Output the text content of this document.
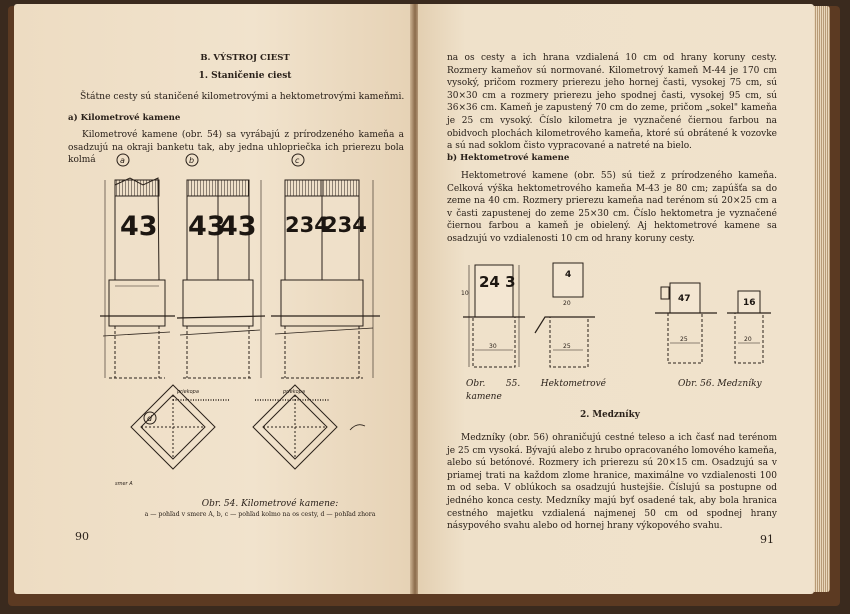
B. VÝSTROJ CIEST
1. Staničenie ciest
Štátne cesty sú staničené kilometrovými a hektometrovými kameňmi.
a) Kilometrové kamene
Kilometrové kamene (obr. 54) sa vyrábajú z prírodzeného kameňa a osadzujú na okraji banketu tak, aby jedna uhlopriečka ich prierezu bola kolmá	a	b	c
d
43 43
43 234
234
priekopa	priekopa
smer A
Obr. 54. Kilometrové kamene:
a — pohľad v smere A, b, c — pohľad kolmo na os cesty, d — pohľad zhora
90
na os cesty a ich hrana vzdialená 10 cm od hrany koruny cesty. Rozmery kameňov sú normované. Kilometrový kameň M-44 je 170 cm vysoký, pričom rozmery prierezu jeho hornej časti, vysokej 75 cm, sú 30×30 cm a rozmery prierezu jeho spodnej časti, vysokej 95 cm, sú 36×36 cm. Kameň je zapustený 70 cm do zeme, pričom „sokel" kameňa je 25 cm vysoký. Číslo kilometra je vyznačené čiernou farbou na obidvoch plochách kilometrového kameňa, ktoré sú obrátené k vozovke a sú nad soklom čisto vypracované a natreté na bielo.
b) Hektometrové kamene
Hektometrové kamene (obr. 55) sú tiež z prírodzeného kameňa. Celková výška hektometrového kameňa M-43 je 80 cm; zapúšťa sa do zeme na 40 cm. Rozmery prierezu kameňa nad terénom sú 20×25 cm a v časti zapustenej do zeme 25×30 cm. Číslo hektometra je vyznačené čiernou farbou a kameň je obielený. Aj hektometrové kamene sa osadzujú vo vzdialenosti 10 cm od hrany koruny cesty.
24 3	4
47	16
30	25
20
25	20
10
Obr. 55. Hektometrové kamene
Obr. 56. Medzníky
2. Medzníky
Medzníky (obr. 56) ohraničujú cestné teleso a ich časť nad terénom je 25 cm vysoká. Bývajú alebo z hrubo opracovaného lomového kameňa, alebo sú betónové. Rozmery ich prierezu sú 20×15 cm. Osadzujú sa v priamej trati na každom zlome hranice, maximálne vo vzdialenosti 100 m od seba. V oblúkoch sa osadzujú hustejšie. Číslujú sa postupne od jedného konca cesty. Medzníky majú byť osadené tak, aby bola hranica cestného majetku vzdialená najmenej 50 cm od spodnej hrany násypového svahu alebo od hornej hrany výkopového svahu.
91
